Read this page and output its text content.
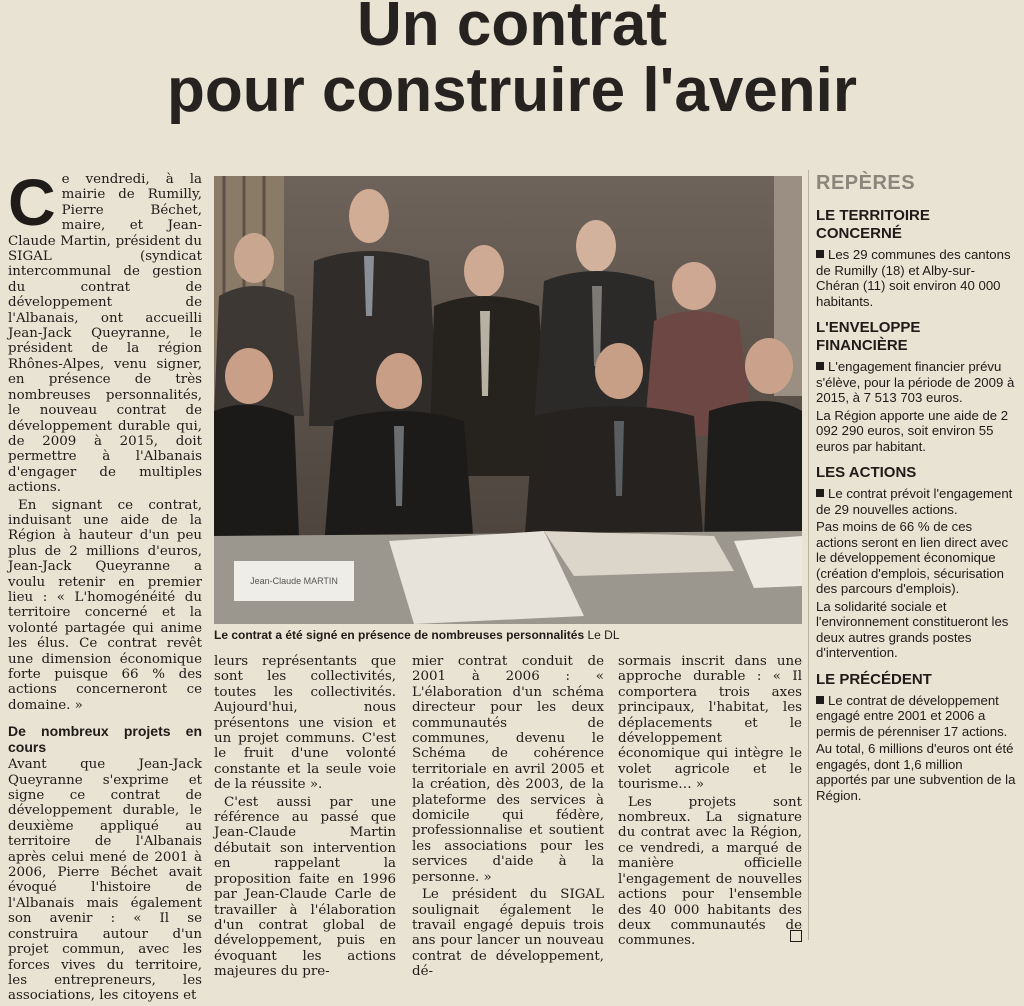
Un contrat
pour construire l'avenir

Ce vendredi, à la mairie de Rumilly, Pierre Béchet, maire, et Jean-Claude Martin, président du SIGAL (syndicat intercommunal de gestion du contrat de développement de l'Albanais, ont accueilli Jean-Jack Queyranne, le président de la région Rhônes-Alpes, venu signer, en présence de très nombreuses personnalités, le nouveau contrat de développement durable qui, de 2009 à 2015, doit permettre à l'Albanais d'engager de multiples actions.

En signant ce contrat, induisant une aide de la Région à hauteur d'un peu plus de 2 millions d'euros, Jean-Jack Queyranne a voulu retenir en premier lieu : « L'homogénéité du territoire concerné et la volonté partagée qui anime les élus. Ce contrat revêt une dimension économique forte puisque 66 % des actions concerneront ce domaine. »

De nombreux projets en cours

Avant que Jean-Jack Queyranne s'exprime et signe ce contrat de développement durable, le deuxième appliqué au territoire de l'Albanais après celui mené de 2001 à 2006, Pierre Béchet avait évoqué l'histoire de l'Albanais mais également son avenir : « Il se construira autour d'un projet commun, avec les forces vives du territoire, les entrepreneurs, les associations, les citoyens et

Jean-Claude MARTIN
Le contrat a été signé en présence de nombreuses personnalités Le DL

leurs représentants que sont les collectivités, toutes les collectivités. Aujourd'hui, nous présentons une vision et un projet communs. C'est le fruit d'une volonté constante et la seule voie de la réussite ».

C'est aussi par une référence au passé que Jean-Claude Martin débutait son intervention en rappelant la proposition faite en 1996 par Jean-Claude Carle de travailler à l'élaboration d'un contrat global de développement, puis en évoquant les actions majeures du pre-

mier contrat conduit de 2001 à 2006 : « L'élaboration d'un schéma directeur pour les deux communautés de communes, devenu le Schéma de cohérence territoriale en avril 2005 et la création, dès 2003, de la plateforme des services à domicile qui fédère, professionnalise et soutient les associations pour les services d'aide à la personne. »

Le président du SIGAL soulignait également le travail engagé depuis trois ans pour lancer un nouveau contrat de développement, dé-

sormais inscrit dans une approche durable : « Il comportera trois axes principaux, l'habitat, les déplacements et le développement économique qui intègre le volet agricole et le tourisme… »

Les projets sont nombreux. La signature du contrat avec la Région, ce vendredi, a marqué de manière officielle l'engagement de nouvelles actions pour l'ensemble des 40 000 habitants des deux communautés de communes.

REPÈRES
LE TERRITOIRE CONCERNÉ

Les 29 communes des cantons de Rumilly (18) et Alby-sur-Chéran (11) soit environ 40 000 habitants.

L'ENVELOPPE FINANCIÈRE

L'engagement financier prévu s'élève, pour la période de 2009 à 2015, à 7 513 703 euros.

La Région apporte une aide de 2 092 290 euros, soit environ 55 euros par habitant.

LES ACTIONS

Le contrat prévoit l'engagement de 29 nouvelles actions.

Pas moins de 66 % de ces actions seront en lien direct avec le développement économique (création d'emplois, sécurisation des parcours d'emplois).

La solidarité sociale et l'environnement constitueront les deux autres grands postes d'intervention.

LE PRÉCÉDENT

Le contrat de développement engagé entre 2001 et 2006 a permis de pérenniser 17 actions.

Au total, 6 millions d'euros ont été engagés, dont 1,6 million apportés par une subvention de la Région.
